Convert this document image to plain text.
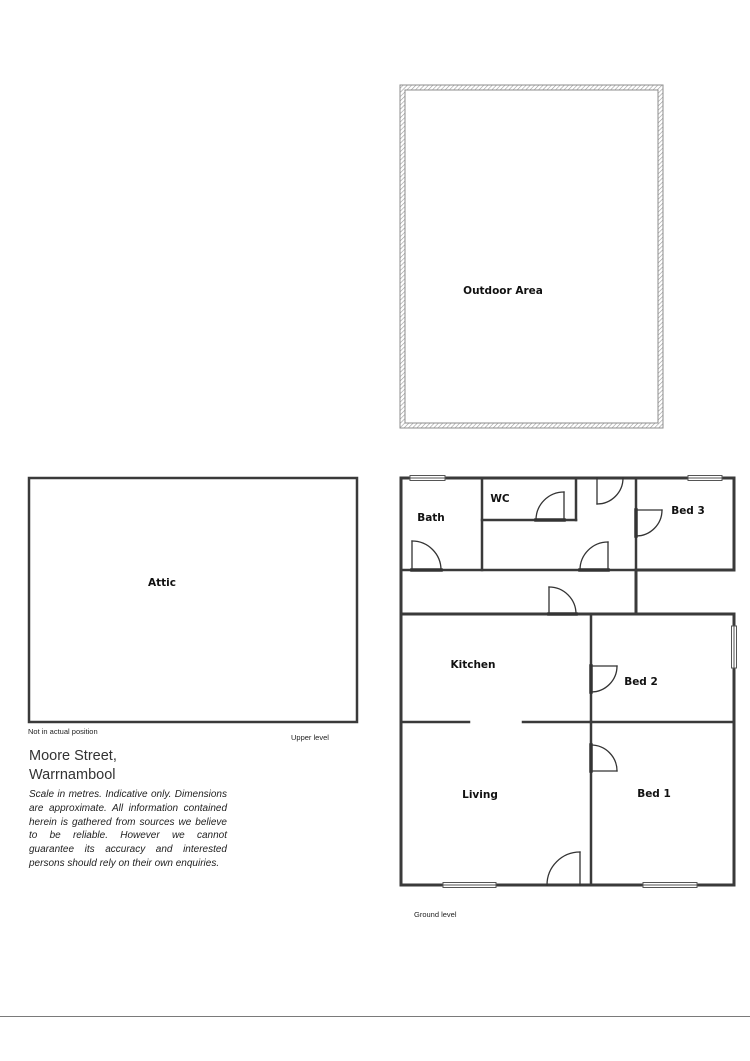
Outdoor Area
Attic
Not in actual position
Upper level
Bath
WC
Bed 3
Kitchen
Bed 2
Living	Bed 1
Ground level
Moore Street,
Warrnambool
Scale in metres. Indicative only. Dimensions are approximate. All information contained herein is gathered from sources we believe to be reliable. However we cannot guarantee its accuracy and interested persons should rely on their own enquiries.
